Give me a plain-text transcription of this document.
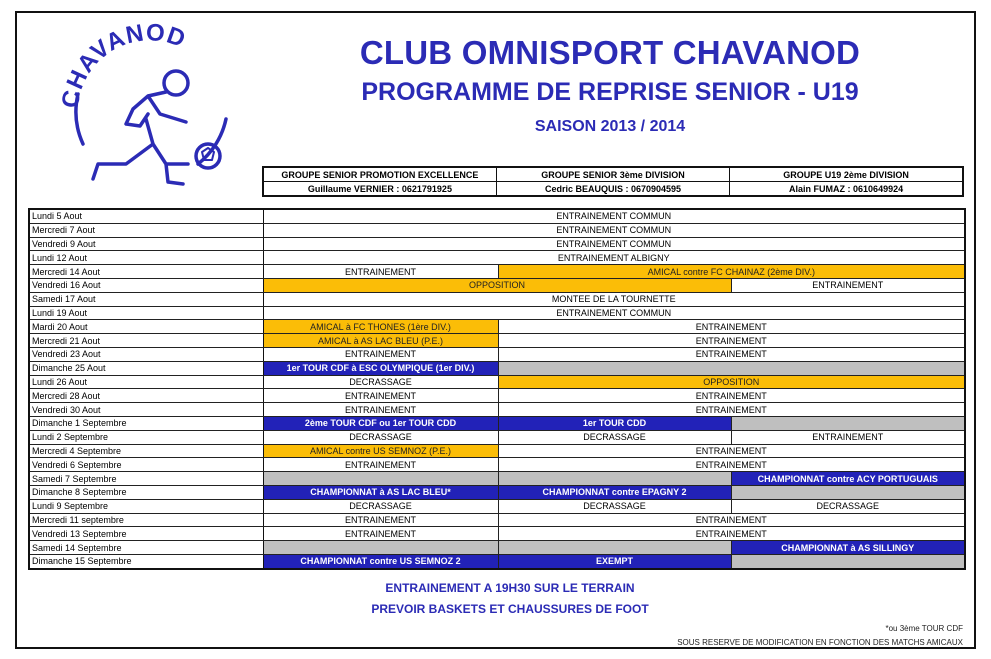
CHAVANOD	CLUB OMNISPORT CHAVANOD
PROGRAMME DE REPRISE SENIOR - U19
SAISON 2013 / 2014
GROUPE SENIOR PROMOTION EXCELLENCE	GROUPE SENIOR 3ème DIVISION	GROUPE U19 2ème DIVISION
Guillaume VERNIER : 0621791925	Cedric BEAUQUIS : 0670904595	Alain FUMAZ : 0610649924
Lundi 5 Aout	ENTRAINEMENT COMMUN		
Mercredi 7 Aout	ENTRAINEMENT COMMUN		
Vendredi 9 Aout	ENTRAINEMENT COMMUN		
Lundi 12 Aout	ENTRAINEMENT ALBIGNY		
Mercredi 14 Aout	ENTRAINEMENT	AMICAL contre FC CHAINAZ (2ème DIV.)	
Vendredi 16 Aout	OPPOSITION		ENTRAINEMENT
Samedi 17 Aout	MONTEE DE LA TOURNETTE		
Lundi 19 Aout	ENTRAINEMENT COMMUN		
Mardi 20 Aout	AMICAL à FC THONES (1ère DIV.)	ENTRAINEMENT	
Mercredi 21 Aout	AMICAL à AS LAC BLEU (P.E.)	ENTRAINEMENT	
Vendredi 23 Aout	ENTRAINEMENT	ENTRAINEMENT	
Dimanche 25 Aout	1er TOUR CDF à ESC OLYMPIQUE (1er DIV.)		
Lundi 26 Aout	DECRASSAGE	OPPOSITION	
Mercredi 28 Aout	ENTRAINEMENT	ENTRAINEMENT	
Vendredi 30 Aout	ENTRAINEMENT	ENTRAINEMENT	
Dimanche 1 Septembre	2ème TOUR CDF ou 1er TOUR CDD	1er TOUR CDD	
Lundi 2 Septembre	DECRASSAGE	DECRASSAGE	ENTRAINEMENT
Mercredi 4 Septembre	AMICAL contre US SEMNOZ (P.E.)	ENTRAINEMENT	
Vendredi 6 Septembre	ENTRAINEMENT	ENTRAINEMENT	
Samedi 7 Septembre			CHAMPIONNAT contre ACY PORTUGUAIS
Dimanche 8 Septembre	CHAMPIONNAT à AS LAC BLEU*	CHAMPIONNAT contre EPAGNY 2	
Lundi 9 Septembre	DECRASSAGE	DECRASSAGE	DECRASSAGE
Mercredi 11 septembre	ENTRAINEMENT	ENTRAINEMENT	
Vendredi 13 Septembre	ENTRAINEMENT	ENTRAINEMENT	
Samedi 14 Septembre			CHAMPIONNAT à AS SILLINGY
Dimanche 15 Septembre	CHAMPIONNAT contre US SEMNOZ 2	EXEMPT	
ENTRAINEMENT A 19H30 SUR LE TERRAIN
PREVOIR BASKETS ET CHAUSSURES DE FOOT
*ou 3ème TOUR CDF
SOUS RESERVE DE MODIFICATION EN FONCTION DES MATCHS AMICAUX
